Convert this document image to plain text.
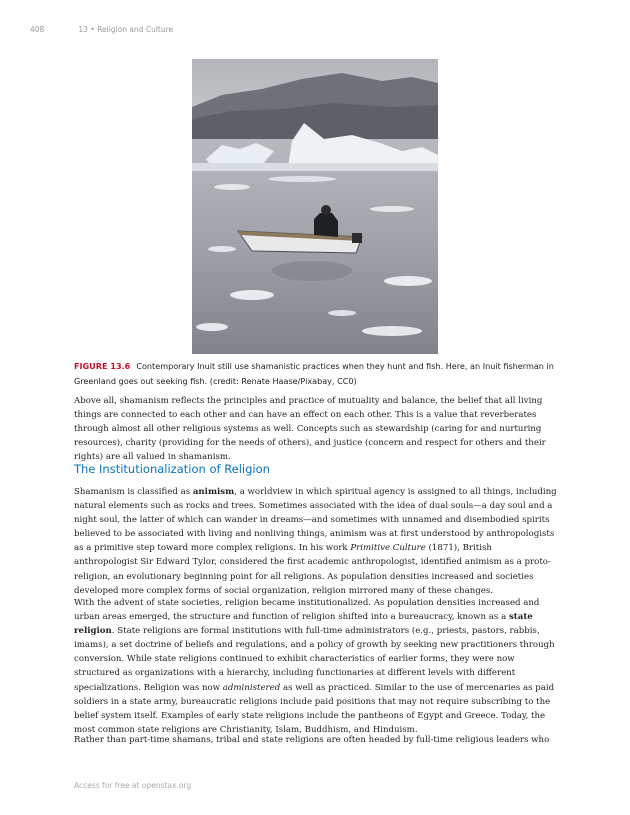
408	13 • Religion and Culture
FIGURE 13.6 Contemporary Inuit still use shamanistic practices when they hunt and fish. Here, an Inuit fisherman in Greenland goes out seeking fish. (credit: Renate Haase/Pixabay, CC0)

Above all, shamanism reflects the principles and practice of mutuality and balance, the belief that all living things are connected to each other and can have an effect on each other. This is a value that reverberates through almost all other religious systems as well. Concepts such as stewardship (caring for and nurturing resources), charity (providing for the needs of others), and justice (concern and respect for others and their rights) are all valued in shamanism.

The Institutionalization of Religion

Shamanism is classified as animism, a worldview in which spiritual agency is assigned to all things, including natural elements such as rocks and trees. Sometimes associated with the idea of dual souls—a day soul and a night soul, the latter of which can wander in dreams—and sometimes with unnamed and disembodied spirits believed to be associated with living and nonliving things, animism was at first understood by anthropologists as a primitive step toward more complex religions. In his work Primitive Culture (1871), British anthropologist Sir Edward Tylor, considered the first academic anthropologist, identified animism as a proto-religion, an evolutionary beginning point for all religions. As population densities increased and societies developed more complex forms of social organization, religion mirrored many of these changes.

With the advent of state societies, religion became institutionalized. As population densities increased and urban areas emerged, the structure and function of religion shifted into a bureaucracy, known as a state religion. State religions are formal institutions with full-time administrators (e.g., priests, pastors, rabbis, imams), a set doctrine of beliefs and regulations, and a policy of growth by seeking new practitioners through conversion. While state religions continued to exhibit characteristics of earlier forms, they were now structured as organizations with a hierarchy, including functionaries at different levels with different specializations. Religion was now administered as well as practiced. Similar to the use of mercenaries as paid soldiers in a state army, bureaucratic religions include paid positions that may not require subscribing to the belief system itself. Examples of early state religions include the pantheons of Egypt and Greece. Today, the most common state religions are Christianity, Islam, Buddhism, and Hinduism.

Rather than part-time shamans, tribal and state religions are often headed by full-time religious leaders who

Access for free at openstax.org
